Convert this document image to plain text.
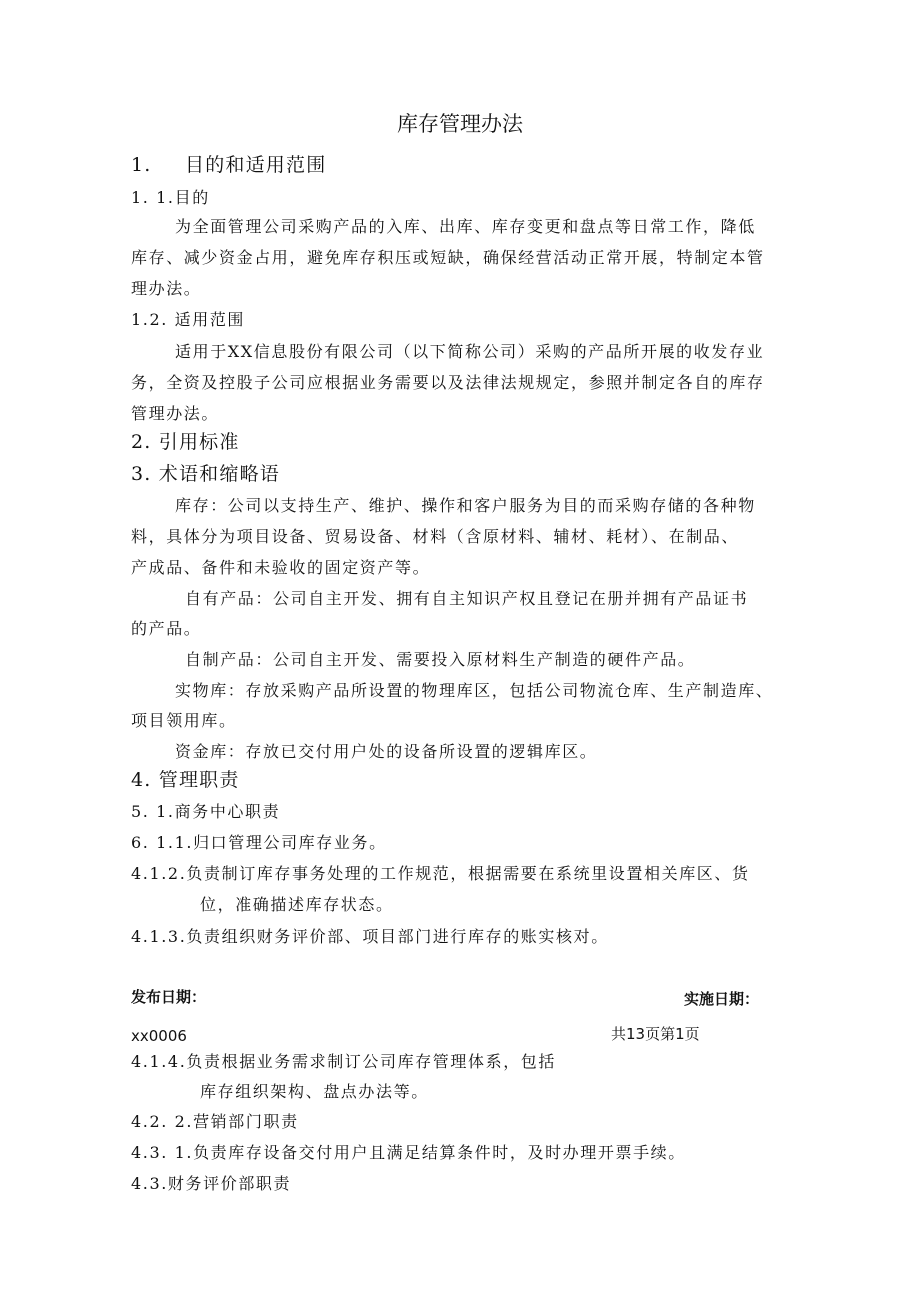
库存管理办法
1. 目的和适用范围
1. 1.目的
为全面管理公司采购产品的入库、出库、库存变更和盘点等日常工作，降低
库存、减少资金占用，避免库存积压或短缺，确保经营活动正常开展，特制定本管
理办法。
1.2. 适用范围
适用于XX信息股份有限公司（以下简称公司）采购的产品所开展的收发存业
务，全资及控股子公司应根据业务需要以及法律法规规定，参照并制定各自的库存
管理办法。
2. 引用标准
3. 术语和缩略语
库存：公司以支持生产、维护、操作和客户服务为目的而采购存储的各种物
料，具体分为项目设备、贸易设备、材料（含原材料、辅材、耗材）、在制品、
产成品、备件和未验收的固定资产等。
自有产品：公司自主开发、拥有自主知识产权且登记在册并拥有产品证书
的产品。
自制产品：公司自主开发、需要投入原材料生产制造的硬件产品。
实物库：存放采购产品所设置的物理库区，包括公司物流仓库、生产制造库、
项目领用库。
资金库：存放已交付用户处的设备所设置的逻辑库区。
4. 管理职责
5. 1.商务中心职责
6. 1.1.归口管理公司库存业务。
4.1.2.负责制订库存事务处理的工作规范，根据需要在系统里设置相关库区、货
位，准确描述库存状态。
4.1.3.负责组织财务评价部、项目部门进行库存的账实核对。
发布日期：	实施日期：
xx0006	共13页第1页
4.1.4.负责根据业务需求制订公司库存管理体系，包括
库存组织架构、盘点办法等。
4.2. 2.营销部门职责
4.3. 1.负责库存设备交付用户且满足结算条件时，及时办理开票手续。
4.3.财务评价部职责
